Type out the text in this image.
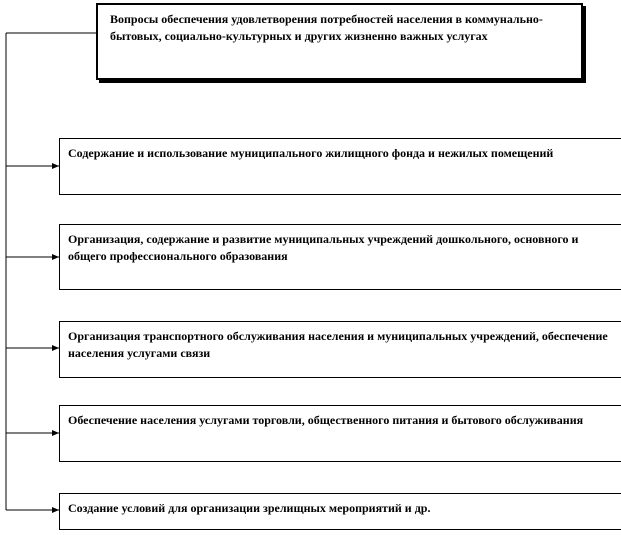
Вопросы обеспечения удовлетворения потребностей населения в коммунально-бытовых, социально-культурных и других жизненно важных услугах
Содержание и использование муниципального жилищного фонда и нежилых помещений
Организация, содержание и развитие муниципальных учреждений дошкольного, основного и общего профессионального образования
Организация транспортного обслуживания населения и муниципальных учреждений, обеспечение населения услугами связи
Обеспечение населения услугами торговли, общественного питания и бытового обслуживания
Создание условий для организации зрелищных мероприятий и др.
